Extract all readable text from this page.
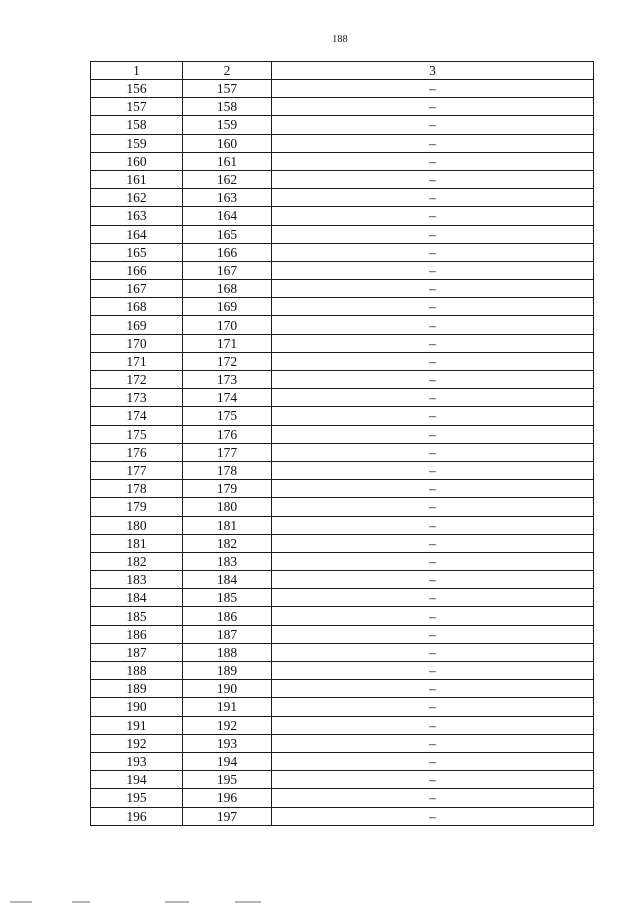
188
1	2	3
156	157	–
157	158	–
158	159	–
159	160	–
160	161	–
161	162	–
162	163	–
163	164	–
164	165	–
165	166	–
166	167	–
167	168	–
168	169	–
169	170	–
170	171	–
171	172	–
172	173	–
173	174	–
174	175	–
175	176	–
176	177	–
177	178	–
178	179	–
179	180	–
180	181	–
181	182	–
182	183	–
183	184	–
184	185	–
185	186	–
186	187	–
187	188	–
188	189	–
189	190	–
190	191	–
191	192	–
192	193	–
193	194	–
194	195	–
195	196	–
196	197	–
